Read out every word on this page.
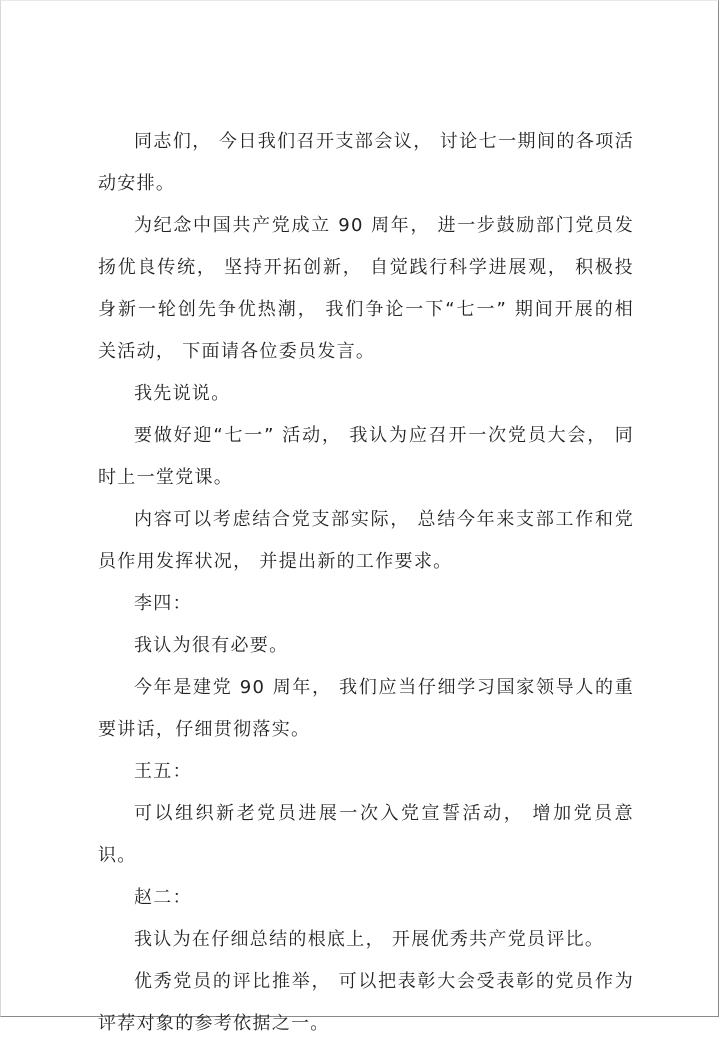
同志们， 今日我们召开支部会议， 讨论七一期间的各项活动安排。

为纪念中国共产党成立 90 周年， 进一步鼓励部门党员发扬优良传统， 坚持开拓创新， 自觉践行科学进展观， 积极投身新一轮创先争优热潮， 我们争论一下“七一” 期间开展的相关活动， 下面请各位委员发言。

我先说说。

要做好迎“七一” 活动， 我认为应召开一次党员大会， 同时上一堂党课。

内容可以考虑结合党支部实际， 总结今年来支部工作和党员作用发挥状况， 并提出新的工作要求。

李四：

我认为很有必要。

今年是建党 90 周年， 我们应当仔细学习国家领导人的重要讲话，仔细贯彻落实。

王五：

可以组织新老党员进展一次入党宣誓活动， 增加党员意识。

赵二：

我认为在仔细总结的根底上， 开展优秀共产党员评比。

优秀党员的评比推举， 可以把表彰大会受表彰的党员作为评荐对象的参考依据之一。
